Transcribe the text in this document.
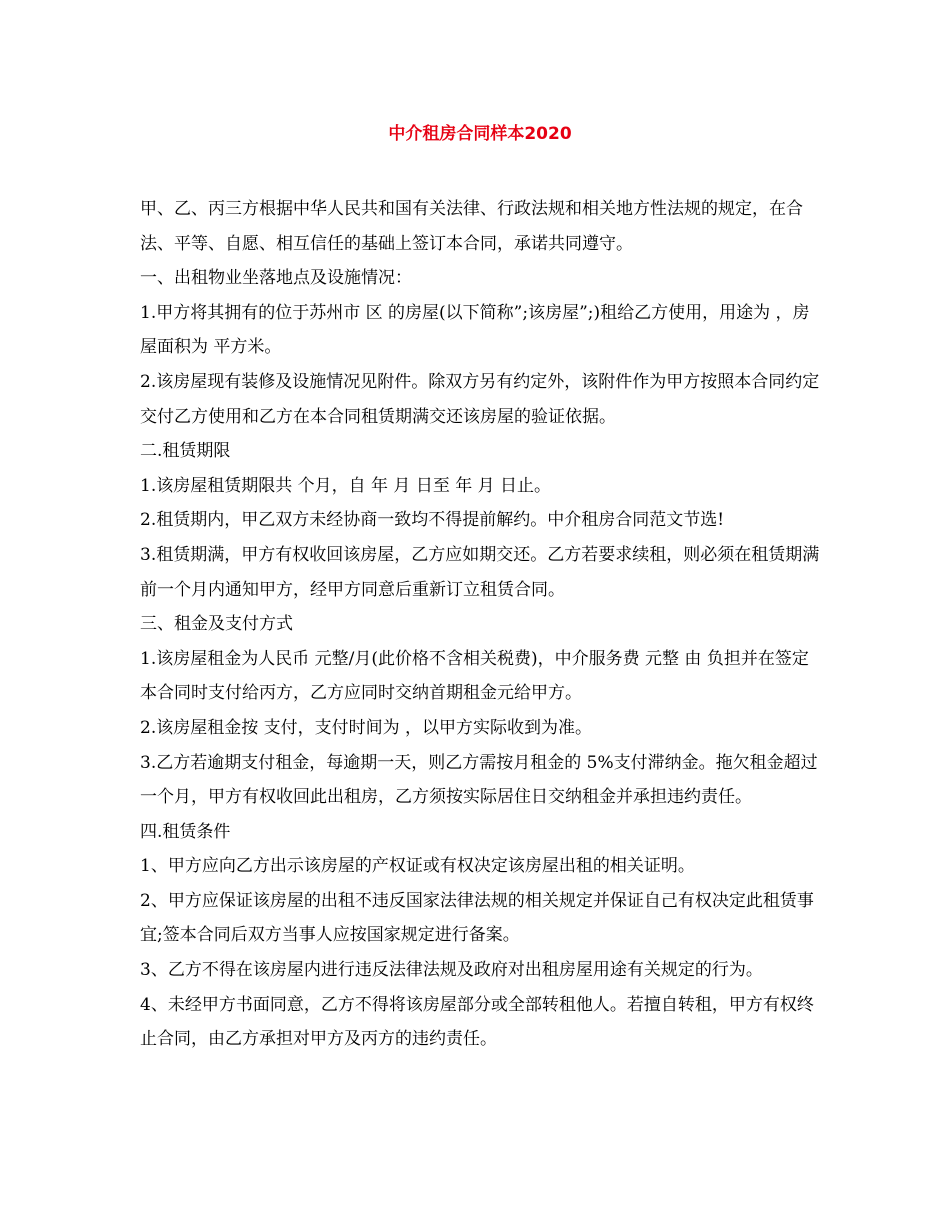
中介租房合同样本2020

甲、乙、丙三方根据中华人民共和国有关法律、行政法规和相关地方性法规的规定，在合法、平等、自愿、相互信任的基础上签订本合同，承诺共同遵守。

一、出租物业坐落地点及设施情况：

1.甲方将其拥有的位于苏州市 区 的房屋(以下简称”;该房屋”;)租给乙方使用，用途为 ，房屋面积为 平方米。

2.该房屋现有装修及设施情况见附件。除双方另有约定外，该附件作为甲方按照本合同约定交付乙方使用和乙方在本合同租赁期满交还该房屋的验证依据。

二.租赁期限

1.该房屋租赁期限共 个月，自 年 月 日至 年 月 日止。

2.租赁期内，甲乙双方未经协商一致均不得提前解约。中介租房合同范文节选!

3.租赁期满，甲方有权收回该房屋，乙方应如期交还。乙方若要求续租，则必须在租赁期满前一个月内通知甲方，经甲方同意后重新订立租赁合同。

三、租金及支付方式

1.该房屋租金为人民币 元整/月(此价格不含相关税费)，中介服务费 元整 由 负担并在签定本合同时支付给丙方，乙方应同时交纳首期租金元给甲方。

2.该房屋租金按 支付，支付时间为 ，以甲方实际收到为准。

3.乙方若逾期支付租金，每逾期一天，则乙方需按月租金的 5%支付滞纳金。拖欠租金超过一个月，甲方有权收回此出租房，乙方须按实际居住日交纳租金并承担违约责任。

四.租赁条件

1、甲方应向乙方出示该房屋的产权证或有权决定该房屋出租的相关证明。

2、甲方应保证该房屋的出租不违反国家法律法规的相关规定并保证自己有权决定此租赁事宜;签本合同后双方当事人应按国家规定进行备案。

3、乙方不得在该房屋内进行违反法律法规及政府对出租房屋用途有关规定的行为。

4、未经甲方书面同意，乙方不得将该房屋部分或全部转租他人。若擅自转租，甲方有权终止合同，由乙方承担对甲方及丙方的违约责任。
